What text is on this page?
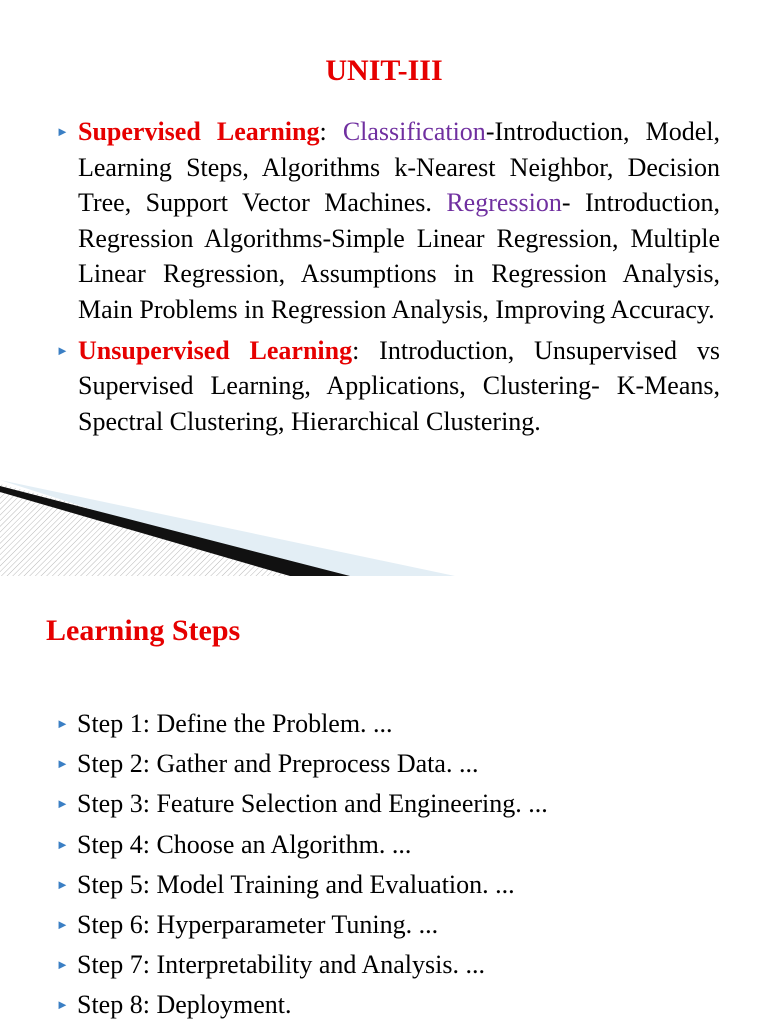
UNIT-III
► Supervised Learning: Classification-Introduction, Model, Learning Steps, Algorithms k-Nearest Neighbor, Decision Tree, Support Vector Machines. Regression- Introduction, Regression Algorithms-Simple Linear Regression, Multiple Linear Regression, Assumptions in Regression Analysis, Main Problems in Regression Analysis, Improving Accuracy.
► Unsupervised Learning: Introduction, Unsupervised vs Supervised Learning, Applications, Clustering- K-Means, Spectral Clustering, Hierarchical Clustering.
Learning Steps
► Step 1: Define the Problem. ...
► Step 2: Gather and Preprocess Data. ...
► Step 3: Feature Selection and Engineering. ...
► Step 4: Choose an Algorithm. ...
► Step 5: Model Training and Evaluation. ...
► Step 6: Hyperparameter Tuning. ...
► Step 7: Interpretability and Analysis. ...
► Step 8: Deployment.
